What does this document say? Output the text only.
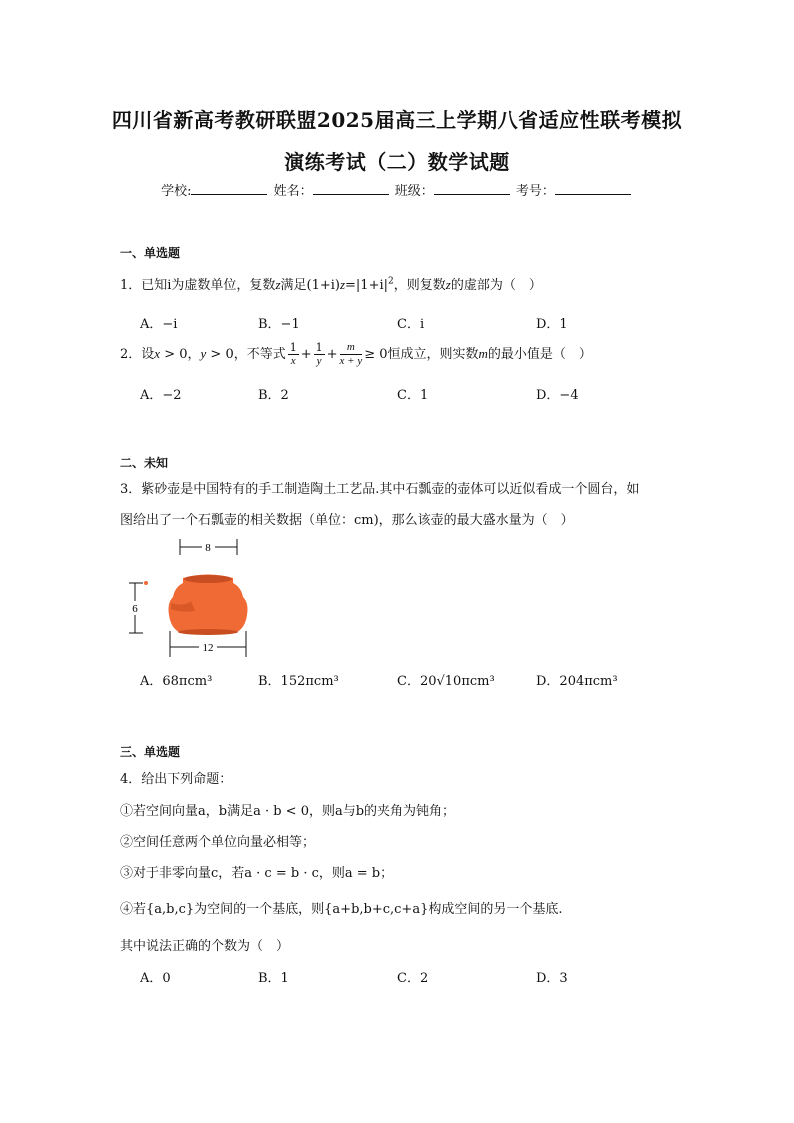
四川省新高考教研联盟2025届高三上学期八省适应性联考模拟
演练考试（二）数学试题
学校:	姓名：	班级：	考号：
一、单选题
1．已知i为虚数单位，复数z满足$(1+i)z=|1+i|^2$，则复数z的虚部为（　）
A．−i	B．−1	C．i	D．1
2．设x > 0，y > 0，不等式 $\frac{1}{x} + \frac{1}{y} + \frac{m}{x + y} \ge 0$恒成立，则实数m的最小值是（　）
A．−2	B．2	C．1	D．−4
二、未知
3．紫砂壶是中国特有的手工制造陶土工艺品.其中石瓢壶的壶体可以近似看成一个圆台，如
图给出了一个石瓢壶的相关数据（单位：cm)，那么该壶的最大盛水量为（　）
8
6
12
A．68πcm³	B．152πcm³	C．20√10πcm³	D．204πcm³
三、单选题
4．给出下列命题：
①若空间向量a，b满足a · b < 0，则a与b的夹角为钝角；
②空间任意两个单位向量必相等；
③对于非零向量c，若a · c = b · c，则a = b；
④若{a,b,c}为空间的一个基底，则{a+b,b+c,c+a}构成空间的另一个基底.
其中说法正确的个数为（　）
A．0	B．1	C．2	D．3
